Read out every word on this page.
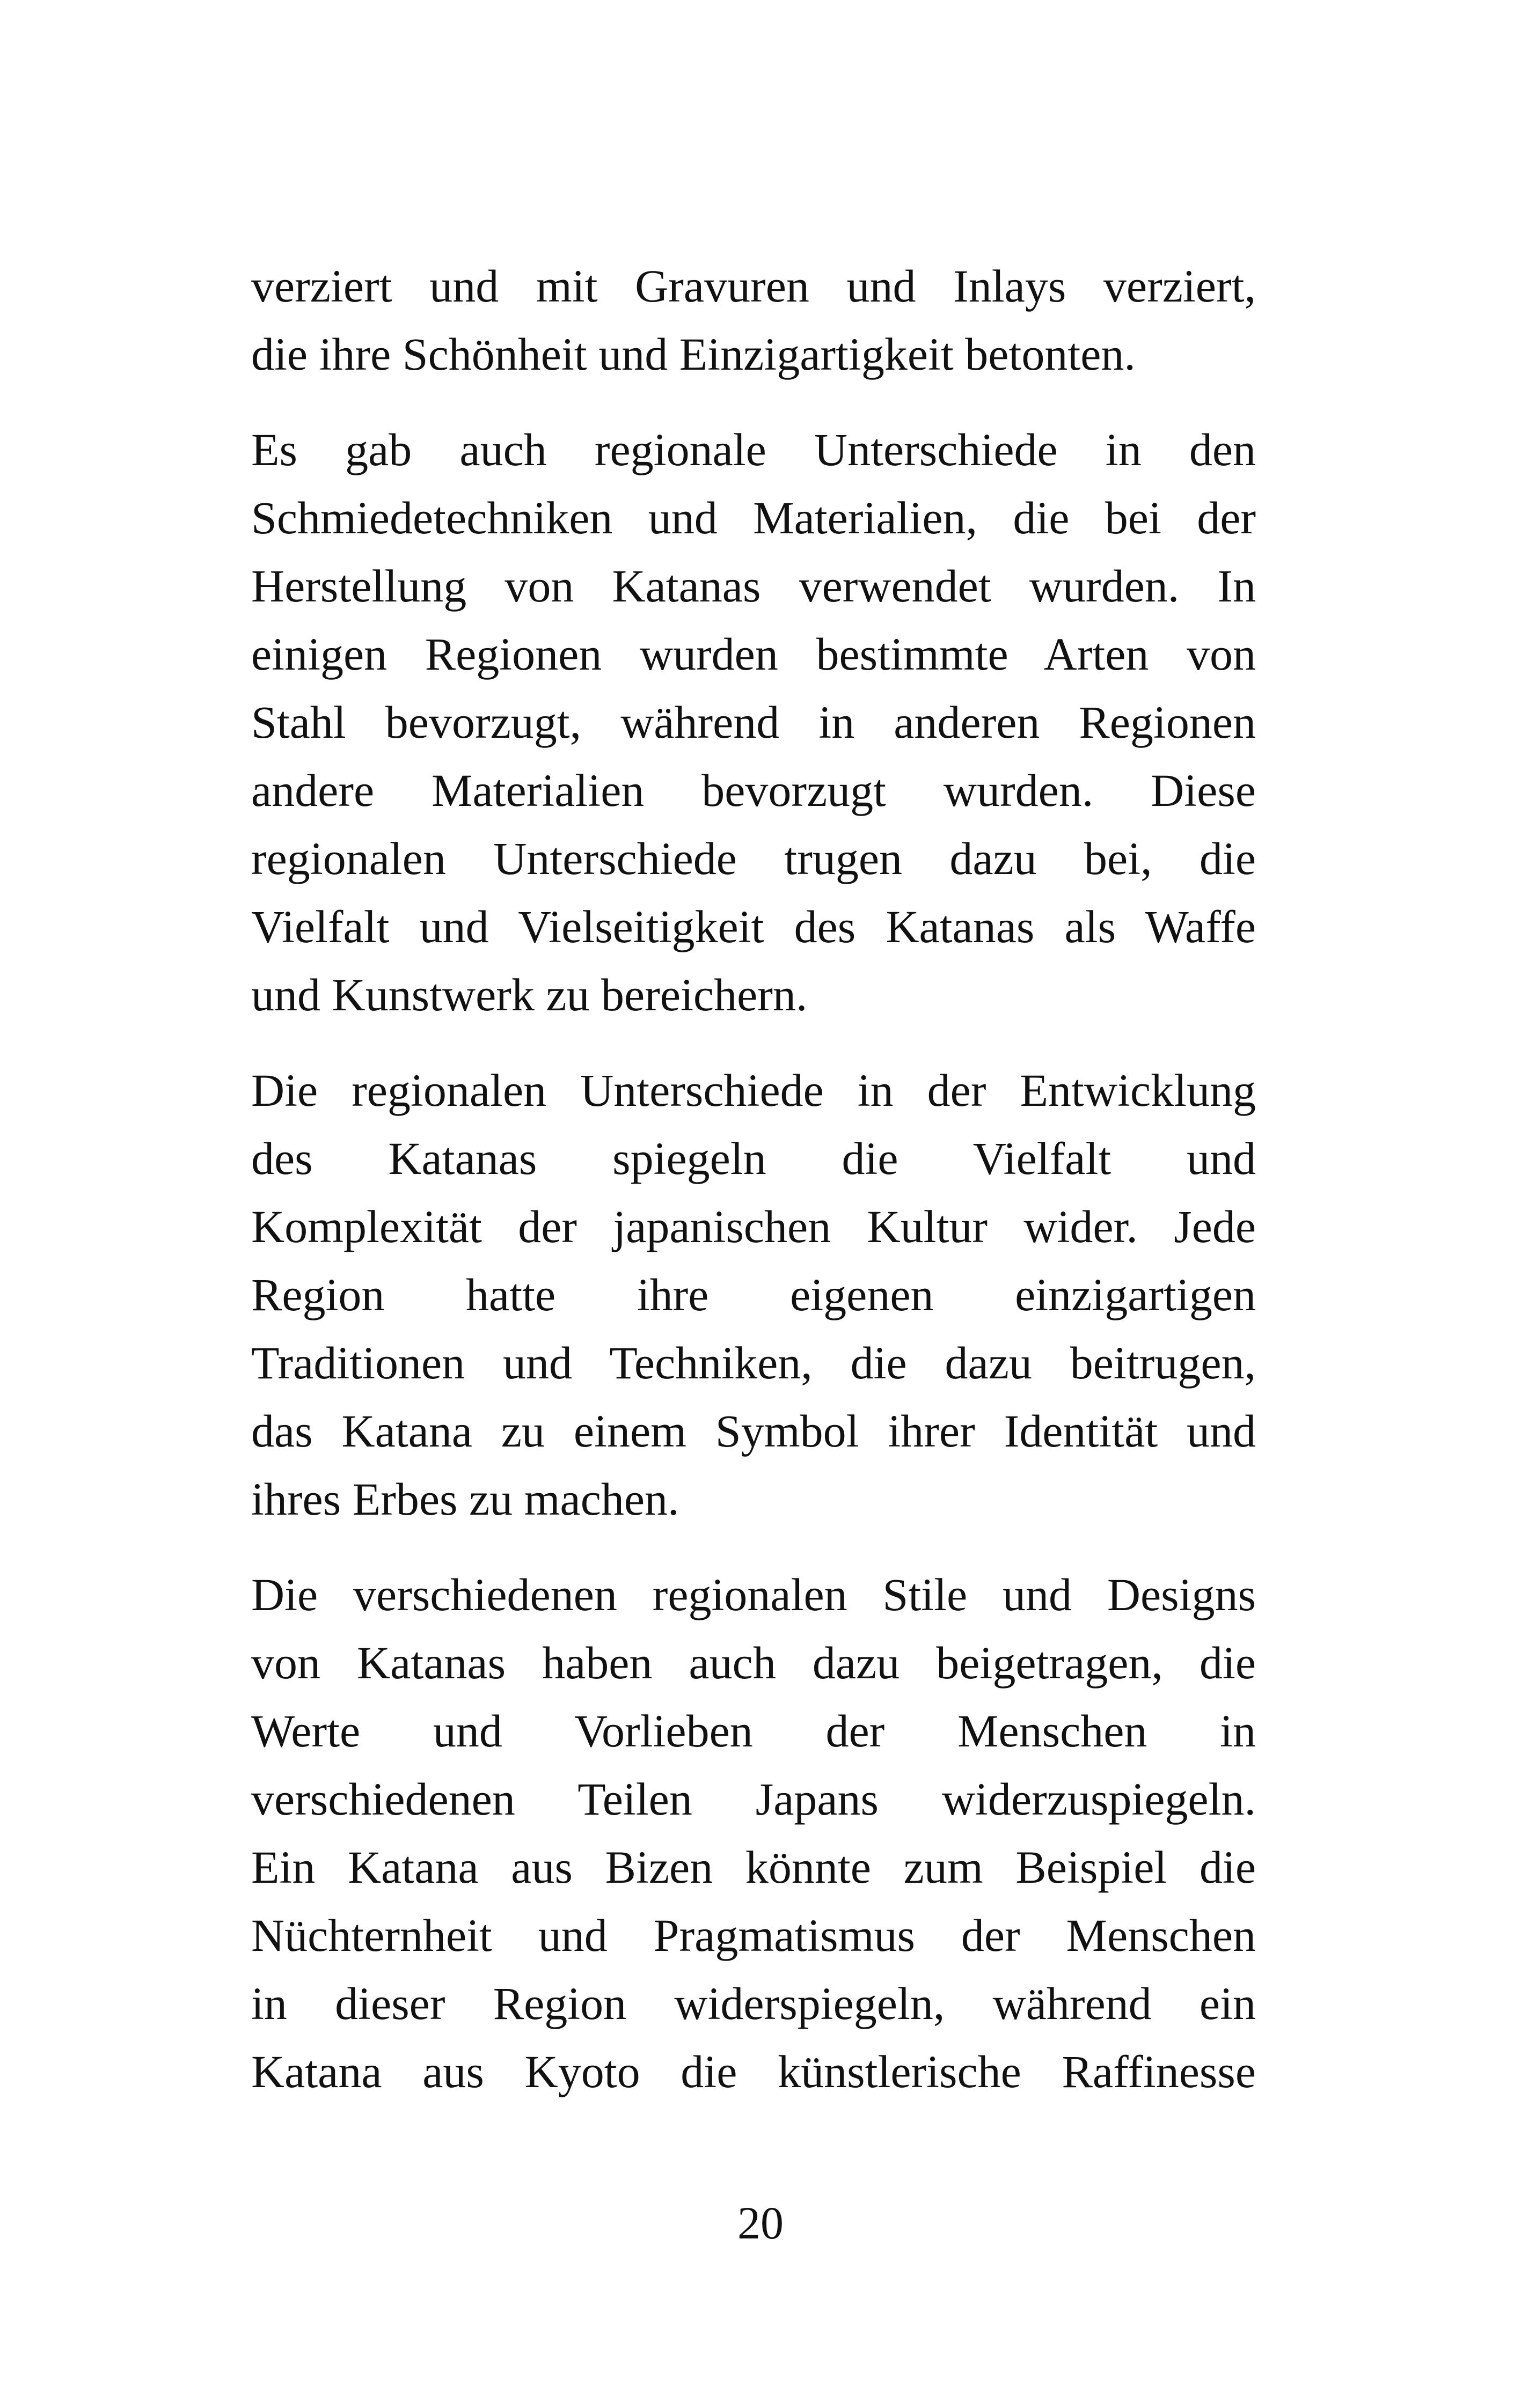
verziert und mit Gravuren und Inlays verziert,
die ihre Schönheit und Einzigartigkeit betonten.

Es gab auch regionale Unterschiede in den
Schmiedetechniken und Materialien, die bei der
Herstellung von Katanas verwendet wurden. In
einigen Regionen wurden bestimmte Arten von
Stahl bevorzugt, während in anderen Regionen
andere Materialien bevorzugt wurden. Diese
regionalen Unterschiede trugen dazu bei, die
Vielfalt und Vielseitigkeit des Katanas als Waffe
und Kunstwerk zu bereichern.

Die regionalen Unterschiede in der Entwicklung
des Katanas spiegeln die Vielfalt und
Komplexität der japanischen Kultur wider. Jede
Region hatte ihre eigenen einzigartigen
Traditionen und Techniken, die dazu beitrugen,
das Katana zu einem Symbol ihrer Identität und
ihres Erbes zu machen.

Die verschiedenen regionalen Stile und Designs
von Katanas haben auch dazu beigetragen, die
Werte und Vorlieben der Menschen in
verschiedenen Teilen Japans widerzuspiegeln.
Ein Katana aus Bizen könnte zum Beispiel die
Nüchternheit und Pragmatismus der Menschen
in dieser Region widerspiegeln, während ein
Katana aus Kyoto die künstlerische Raffinesse

20
